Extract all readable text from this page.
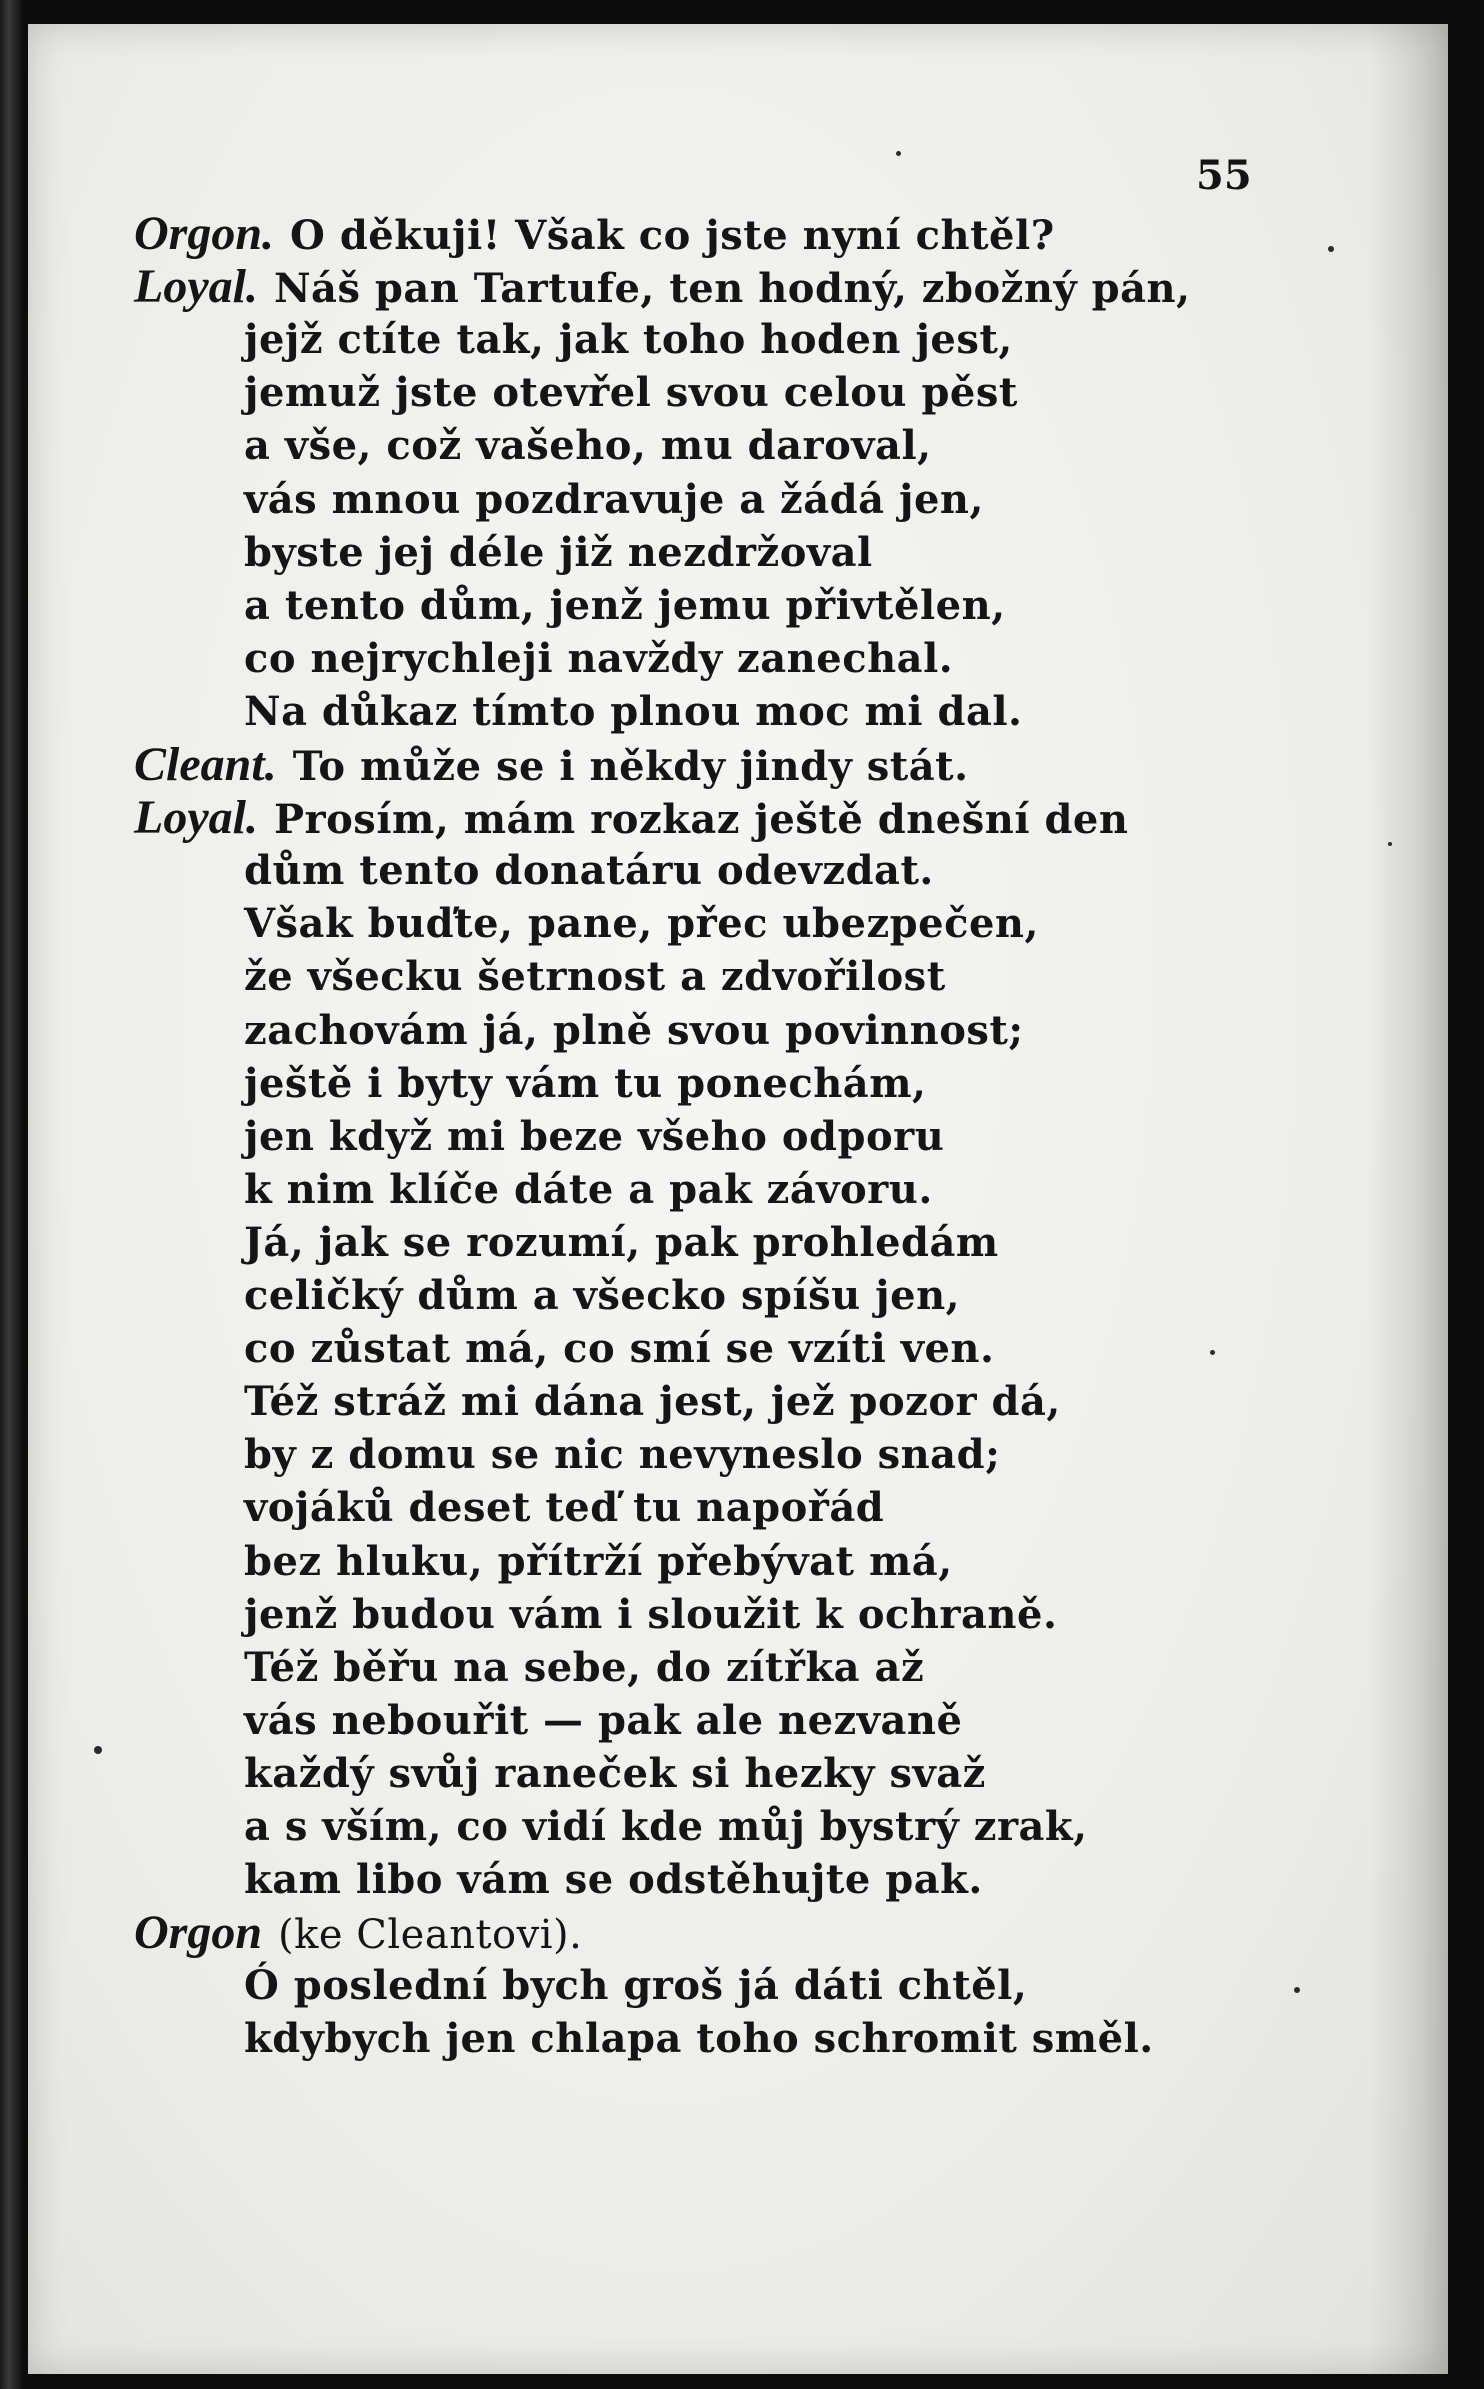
55
Orgon. O děkuji! Však co jste nyní chtěl?
Loyal. Náš pan Tartufe, ten hodný, zbožný pán,
jejž ctíte tak, jak toho hoden jest,
jemuž jste otevřel svou celou pěst
a vše, což vašeho, mu daroval,
vás mnou pozdravuje a žádá jen,
byste jej déle již nezdržoval
a tento dům, jenž jemu přivtělen,
co nejrychleji navždy zanechal.
Na důkaz tímto plnou moc mi dal.
Cleant. To může se i někdy jindy stát.
Loyal. Prosím, mám rozkaz ještě dnešní den
dům tento donatáru odevzdat.
Však buďte, pane, přec ubezpečen,
že všecku šetrnost a zdvořilost
zachovám já, plně svou povinnost;
ještě i byty vám tu ponechám,
jen když mi beze všeho odporu
k nim klíče dáte a pak závoru.
Já, jak se rozumí, pak prohledám
celičký dům a všecko spíšu jen,
co zůstat má, co smí se vzíti ven.
Též stráž mi dána jest, jež pozor dá,
by z domu se nic nevyneslo snad;
vojáků deset teď tu napořád
bez hluku, přítrží přebývat má,
jenž budou vám i sloužit k ochraně.
Též běřu na sebe, do zítřka až
vás nebouřit — pak ale nezvaně
každý svůj raneček si hezky svaž
a s vším, co vidí kde můj bystrý zrak,
kam libo vám se odstěhujte pak.
Orgon (ke Cleantovi).
Ó poslední bych groš já dáti chtěl,
kdybych jen chlapa toho schromit směl.
